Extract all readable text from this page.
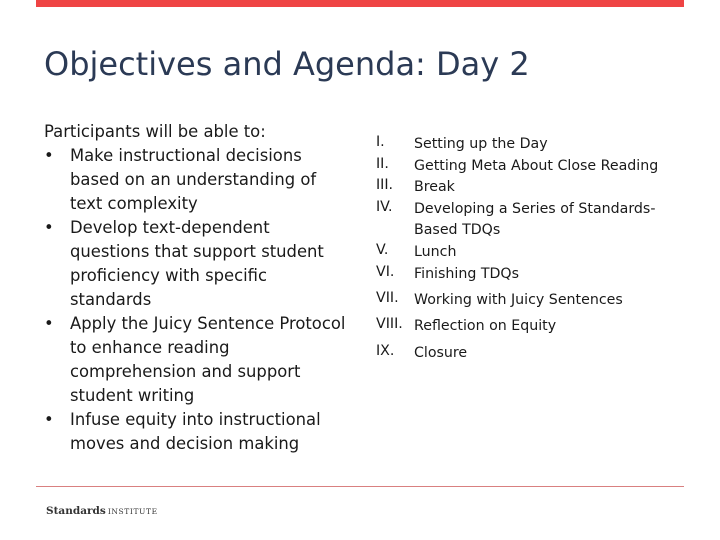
Objectives and Agenda: Day 2

Participants will be able to:

• Make instructional decisions
based on an understanding of
text complexity
• Develop text-dependent
questions that support student
proficiency with specific
standards
• Apply the Juicy Sentence Protocol
to enhance reading
comprehension and support
student writing
• Infuse equity into instructional
moves and decision making
I.	Setting up the Day
II.	Getting Meta About Close Reading
III.	Break
IV.	Developing a Series of Standards-Based TDQs
V.	Lunch
VI.	Finishing TDQs
VII.	Working with Juicy Sentences
VIII. Reflection on Equity
IX.	Closure
Standards INSTITUTE
